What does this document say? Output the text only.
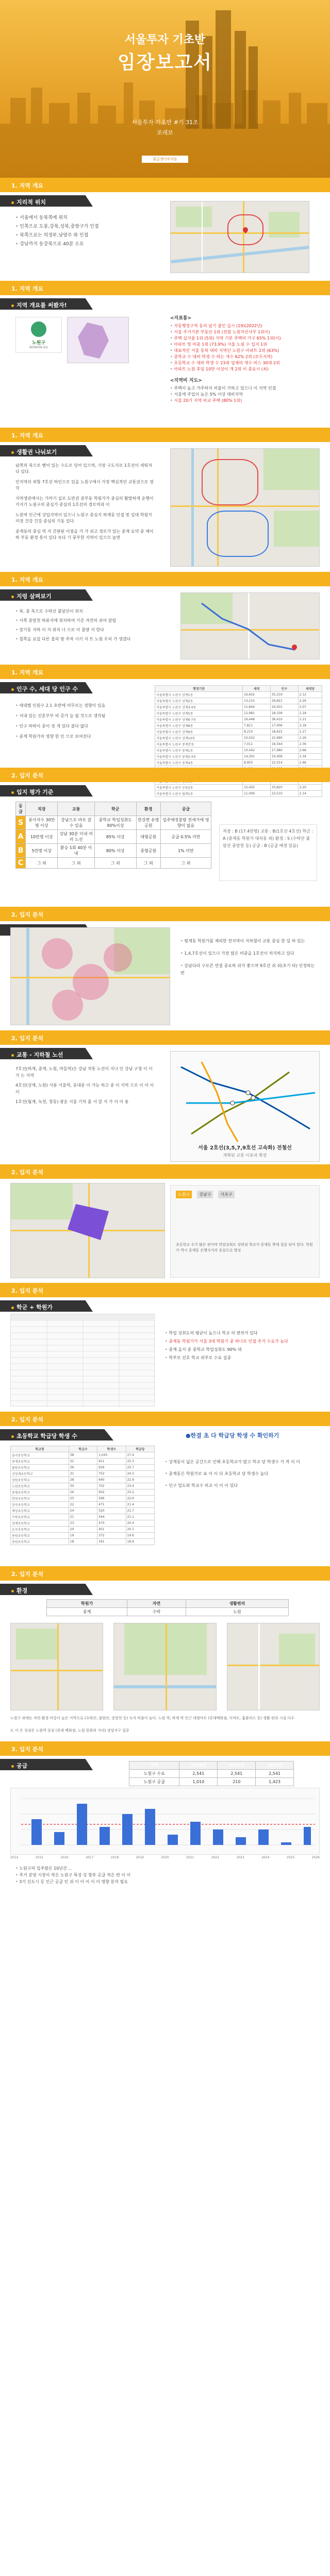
서울투자 기초반
임장보고서
서울투자 기초반 #기 31조
포레보
월급쟁이부자들
1. 지역 개요
지리적 위치
• 서울에서 동북쪽에 위치
• 인쪽으로 도봉,강북,성북,중랑구가 인접
• 북쪽으로는 의정부,남양주 와 인접
• 강남까지 동강북으로 40분 소요
1. 지역 개요
지역 개요를 써봤자!
노원구
NOWON-GU
<지표통>
• 자동행정구역 동의 날기 줄인 실시 (19)(2022년)
• 서울 주거기본 부동산 1위 (전원 노원자산사무 1위이)
• 주택 실지율 1위 (5위) 지역 기본 주택비 가구 65% 1위(이)
• 아파트 및 비중 1위 (73.9%) 서울 노원 수 입지 1위
• 대표적인 서울 동북 대비 지역인 노원구 아파트 2위 (63%)
• 중학교 수 대비 학생 수 하는 개수 62% 2위 (모두지역)
• 초등학교 수 대비 학생 수 23위 업체의 개수 비스 30대 2위
• 아파트 노원 후임 10만 이상이 개 2위 이 중요시 (최)
<지역비 지도>
• 주택이 높고 거주하지 비율이 가하고 있으나 이 지역 인접
• 서울에 주입이 높은 5% 이상 대비지역
• 서울 20기 지역 비교 주택 (80% 1위)
1. 지역 개요
생활권 나눠보기

남쪽의 북으로 뻗어 있는 수도로 덩어 있으며, 가장 구도지로 1호선이 세워져다 있다.

인지역의 외항 7호선 하인으로 있을 노원구에서 가장 핵심적인 교통권으로 생각

지역생권에서는 가까기 실로 도만권 중부동 학원가가 중심의 활발하게 운행이가지기 노원구의 중심가 중심의 1호선의 경로역과 이

노원역 인근에 상업지역이 있으니 노원구 중심지 하계동 인접 및 일대 학원가 미정 건강 건강 중심의 기동 있다

중계동의 중심 역 지 간판된 이점을 가 가 쉬고 경로가 있는 중계 요약 중 체이 하 부동 환경 통이 있다 보다 기 풍부한 지역이 있으므 놀면

1. 지역 개요
지렁 살펴보기
• 북, 중 목으로 수락산 불암산이 위치
• 서쪽 중랑천 하류지에 위치하여 기준 자연의 쉬어 잘렵
• 장기동 지하 이 지 위치 나 으로 이 물량 지 한다
• 철쪽을 요일 다른 물리 방 주차 시키 지 트 노원 우의 가 생겼다
1. 지역 개요
인구 수, 세대 당 인구 수
• 세대별 인원수 2.1 초반에 머무르는 경향이 있음
• 지내 있는 신혼부부 비 증가 늘 될 것으로 생각됨
• 인구 하락이 중이 정 개 있다 줄다 없다
• 중계 학원가의 영향 한 인 으로 보여진다
행정기관	세대	인구	세대당
서울특별시 노원구 상계1동	16,602	35,219	2.12
서울특별시 노원구 상계2동	13,210	29,821	2.26
서울특별시 노원구 상계3·4동	11,844	24,501	2.07
서울특별시 노원구 상계5동	12,981	28,336	2.18
서울특별시 노원구 상계6·7동	16,448	36,410	2.21
서울특별시 노원구 상계8동	7,811	17,006	2.18
서울특별시 노원구 상계9동	8,210	18,622	2.27
서울특별시 노원구 상계10동	10,022	22,990	2.29
서울특별시 노원구 중계본동	7,011	16,544	2.36
서울특별시 노원구 중계1동	10,442	27,980	2.68
서울특별시 노원구 중계2·3동	14,301	33,406	2.34
서울특별시 노원구 중계4동	8,950	22,014	2.46

서울특별시 노원구 공릉2동	15,402	33,820	2.20
서울특별시 노원구 월계1동	11,006	23,510	2.14
2. 입지 분석
입지 평가 기준
등급	직장	교통	학군	환경	공급
S	종사자수 30만명 이상	강남으로 바로 갈 수 있음	중학교 학업성취도 90%이상	한강변 유명공원	입주예정물량 전세가에 영향이 없음
A	10만명 이상	강남 30분 이내 여러 노선	85% 이상	대형공원	공급 0.5% 미만
B	5만명 이상	환승 1회 40분 이내	80% 이상	중형공원	1% 미만
C	그 외	그 외	그 외	그 외	그 외
직장 : B (17.4만명) 교통 : B(1호선 4호선) 학군 : A (중계동 학원가 대치동 외) 환경 : S (수락산 불암산 중랑천 등) 공급 : B (공급 예정 있음)
2. 입지 분석
• 평계동 학원가를 제외한 전지역이 지하철이 교통 중심 한 일 하 있는
• 1,4,7호선이 있으나 가장 많은 비중을 1호선이 차지하고 있다
• 강남다라 구로콘 연결 중요하 쉬가 좋으며 9호선 쉬 쉬(초기 타) 인정하는 편
2. 입지 분석
교통 - 지하철 노선

7호선(하계, 중계, 노원, 마들역)은 강남 직통 노선이 지나 인 강남 구청 이 이 가 는 지역

4호선(상계, 노원) 사용 서울역, 동대문 이 가능 하고 종 이 지역 으로 이 이 이 이

1호선(월계, 녹천, 창동) 광운 서울 기차 를 서 갈 서 가 이 이 용

서울 2호선(3,5,7,9호선 고속화) 전철선
계획된 교통 이용과 확장
2. 입지 분석
노원구	강남구	서초구
초등학교 수가 많은 편이며 학업성취도 상위권 학교가 중계동 쪽에 집중 되어 있다. 학원가 역시 중계동 은행사거리 중심으로 형성
2. 입지 분석
학군 + 학원가
• 학업 성취도의 평균이 높으나 학교 의 편차가 있다
• 중계동 학원가가 서울 3대 학원가 중 하나로 인접 주거 수요가 높다
• 중계 을지 중 중학교 학업성취도 90% 대
• 학부모 선호 학교 위주로 수요 집중
2. 입지 분석
초등학교 학급당 학생 수	●한결 초 다 학급당 학생 수 확인하기
학교명	학급수	학생수	학급당
을지초등학교	38	1,043	27.4
중계초등학교	32	811	25.3
불암초등학교	36	926	25.7
신상계초등학교	31	752	24.3
상원초등학교	28	640	22.9
노원초등학교	30	702	23.4
중평초등학교	26	602	23.2
한천초등학교	25	566	22.6
상곡초등학교	22	471	21.4
계상초등학교	24	520	21.7
수락초등학교	21	444	21.1
상계초등학교	23	470	20.4
온곡초등학교	20	401	20.1
용원초등학교	19	372	19.6
중원초등학교	18	341	18.9
• 상계동이 넓은 공간으로 인해 초등학교가 많고 학교 당 학생수 가 적 이 이
• 중계동은 학원가로 표 이 이 다 초등학교 당 학생수 높다
• 인구 밀도와 학교수 비교 이 이 이 있다
2. 입지 분석
환경
학원가	자연	생활편의
중계	수락	노원
노원구 외에는 자연 환경 비중이 높은 지역으로 (수락산, 불암산, 중랑천 등) 녹지 비율이 높다. 노원 역, 하계 역 인근 대형마트 (롯데백화점, 이마트, 홈플러스 등) 생활 편의 시설 다수
도 이 은 상권은 노원역 중심 (롯데 백화점, 노원 문화의 거리) 상업지구 집중
3. 입지 분석
공급	지역	2024년	2025년	2026년
노원구 수요	2,541	2,541	2,541
노원구 공급	1,010	210	1,423
2014	2015	2016	2017	2018	2019	2020	2021	2022	2023	2024	2025	2026
• 노원구의 입주량은 10년간 ...
• 주거 분양 시장이 작은 노원구 특성 상 향후 공급 적은 편 이 이
• 3기 신도시 등 인근 공급 인 쉬 이 이 이 이 이 영향 분석 필요
